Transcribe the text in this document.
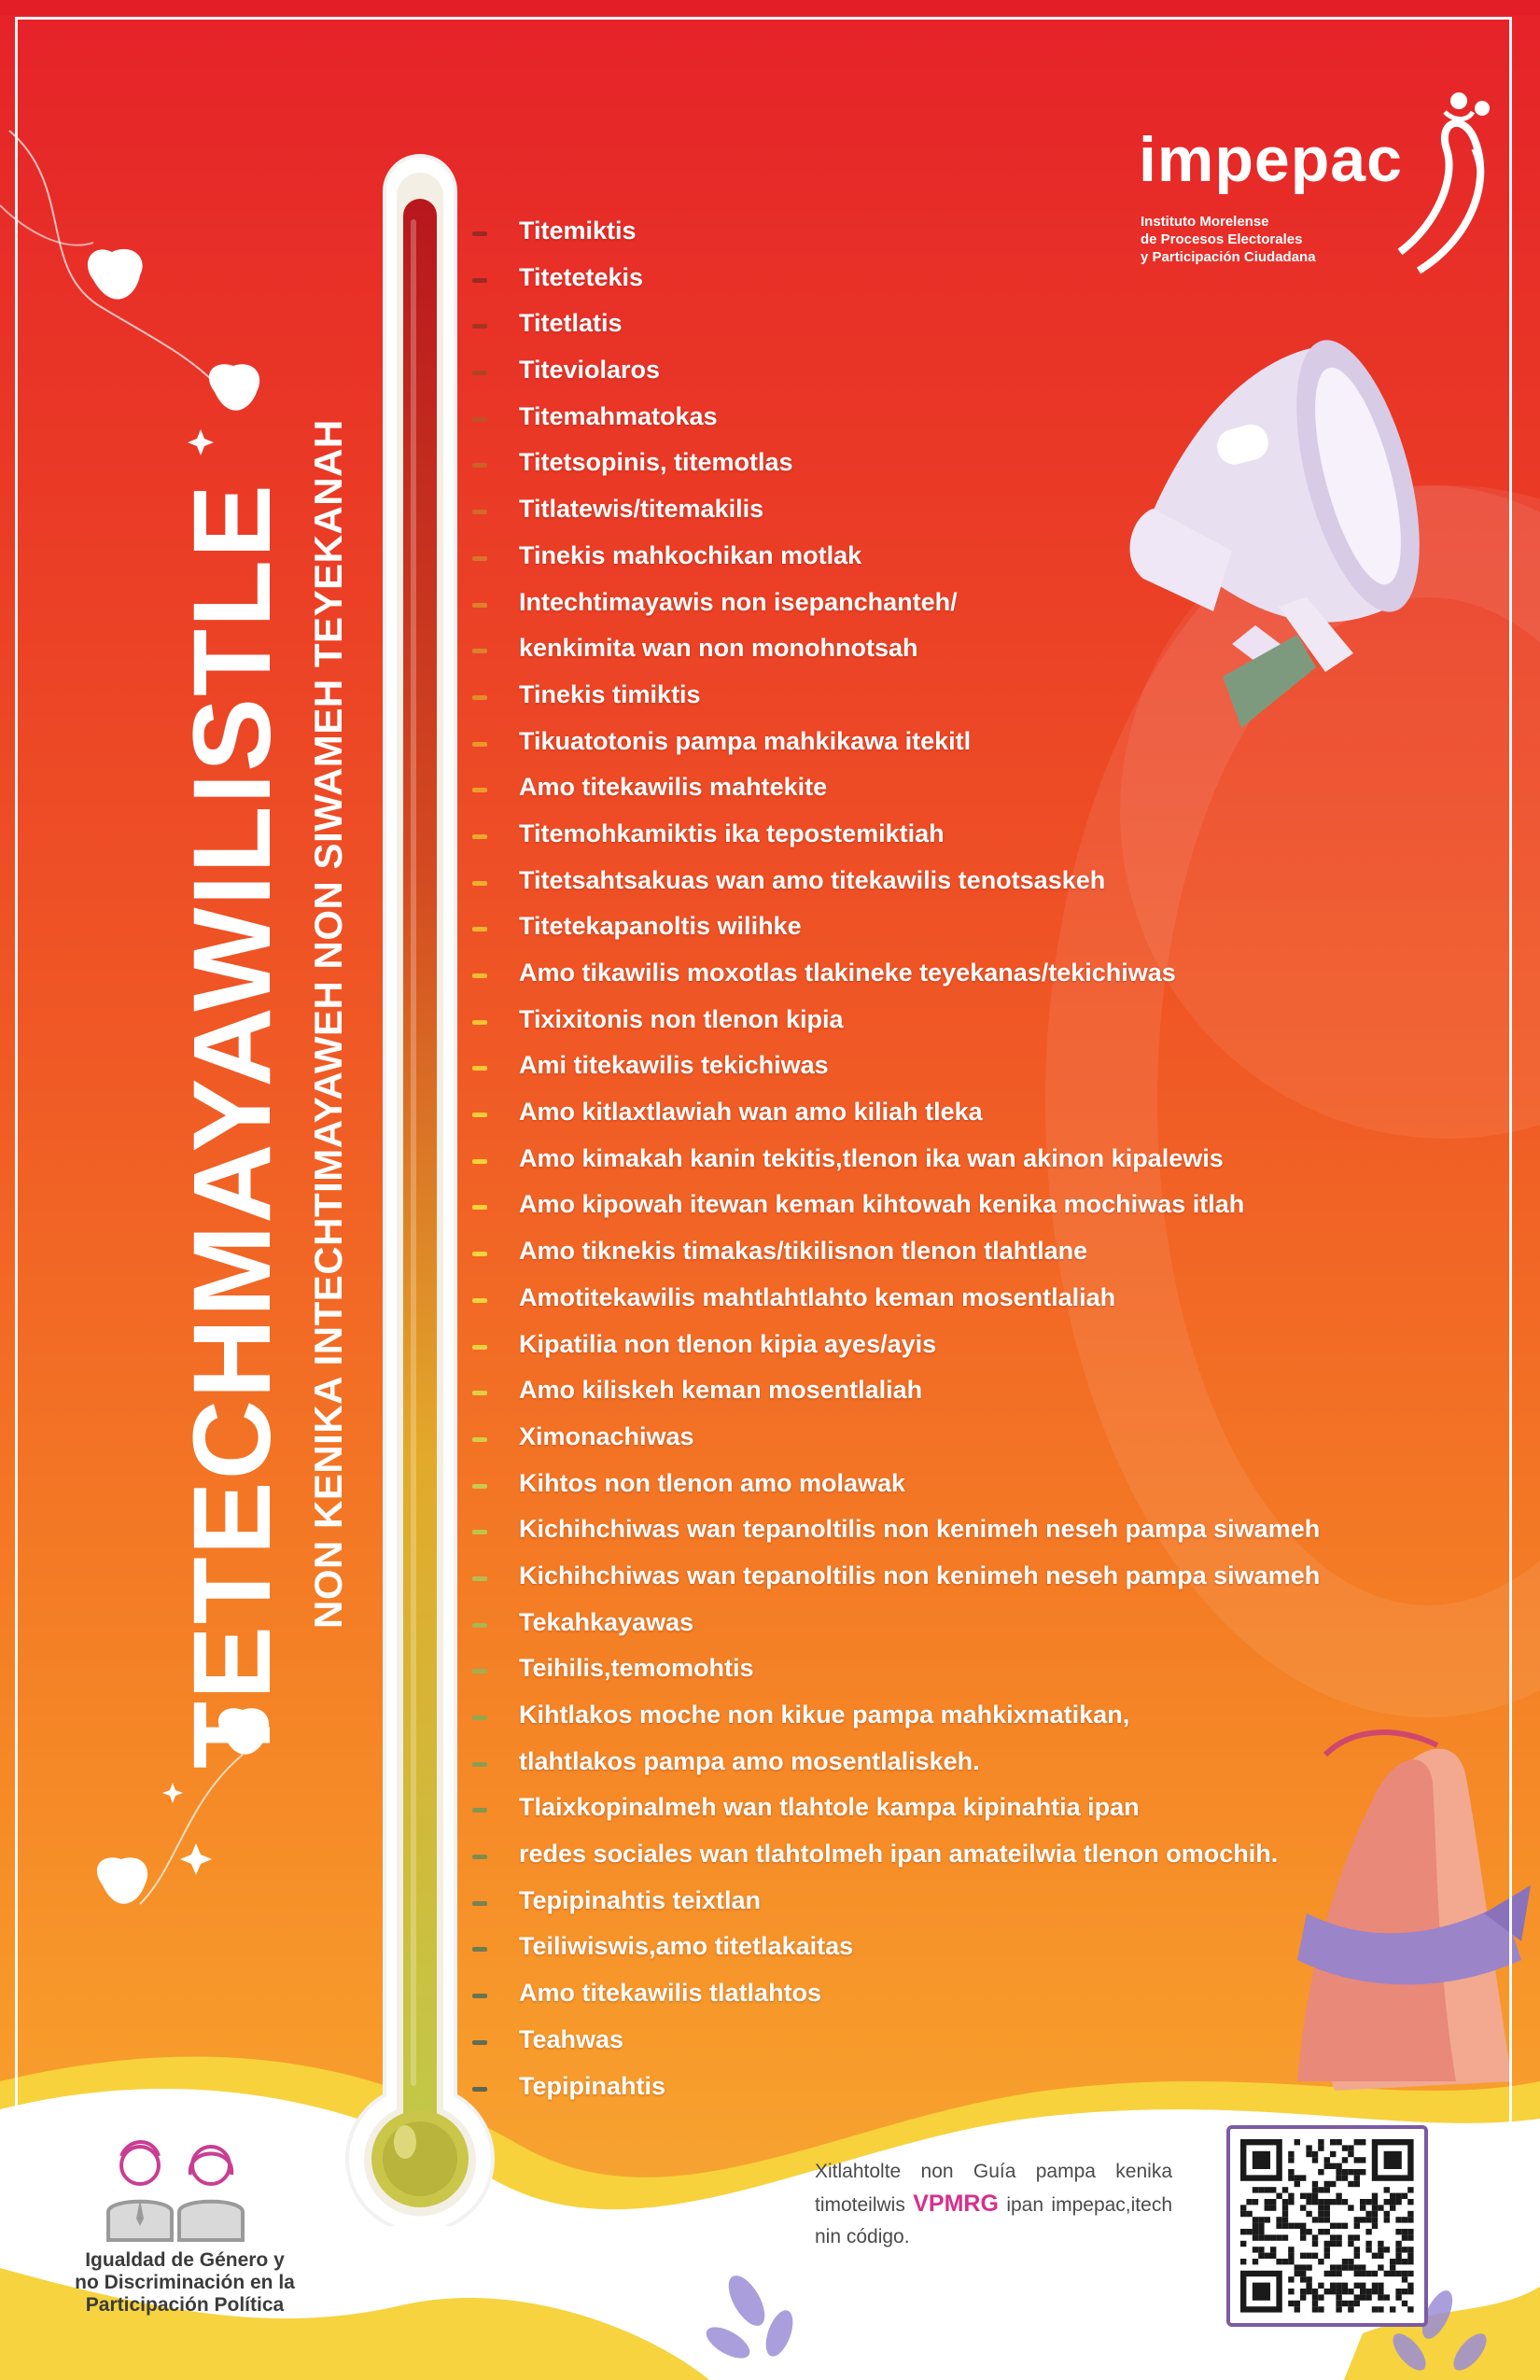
impepac
Instituto Morelense
de Procesos Electorales
y Participación Ciudadana
TETECHMAYAWILISTLE NON KENIKA INTECHTIMAYAWEH NON SIWAMEH TEYEKANAH
Titemiktis
Titetetekis
Titetlatis
Titeviolaros
Titemahmatokas
Titetsopinis, titemotlas
Titlatewis/titemakilis
Tinekis mahkochikan motlak
Intechtimayawis non isepanchanteh/
kenkimita wan non monohnotsah
Tinekis timiktis
Tikuatotonis pampa mahkikawa itekitl
Amo titekawilis mahtekite
Titemohkamiktis ika tepostemiktiah
Titetsahtsakuas wan amo titekawilis tenotsaskeh
Titetekapanoltis wilihke
Amo tikawilis moxotlas tlakineke teyekanas/tekichiwas
Tixixitonis non tlenon kipia
Ami titekawilis tekichiwas
Amo kitlaxtlawiah wan amo kiliah tleka
Amo kimakah kanin tekitis,tlenon ika wan akinon kipalewis
Amo kipowah itewan keman kihtowah kenika mochiwas itlah
Amo tiknekis timakas/tikilisnon tlenon tlahtlane
Amotitekawilis mahtlahtlahto keman mosentlaliah
Kipatilia non tlenon kipia ayes/ayis
Amo kiliskeh keman mosentlaliah
Ximonachiwas
Kihtos non tlenon amo molawak
Kichihchiwas wan tepanoltilis non kenimeh neseh pampa siwameh
Kichihchiwas wan tepanoltilis non kenimeh neseh pampa siwameh
Tekahkayawas
Teihilis,temomohtis
Kihtlakos moche non kikue pampa mahkixmatikan,
tlahtlakos pampa amo mosentlaliskeh.
Tlaixkopinalmeh wan tlahtole kampa kipinahtia ipan
redes sociales wan tlahtolmeh ipan amateilwia tlenon omochih.
Tepipinahtis teixtlan
Teiliwiswis,amo titetlakaitas
Amo titekawilis tlatlahtos
Teahwas
Tepipinahtis
Igualdad de Género y
no Discriminación en la
Participación Política
Xitlahtolte non Guía pampa kenika timoteilwis VPMRG ipan impepac,itech nin código.
